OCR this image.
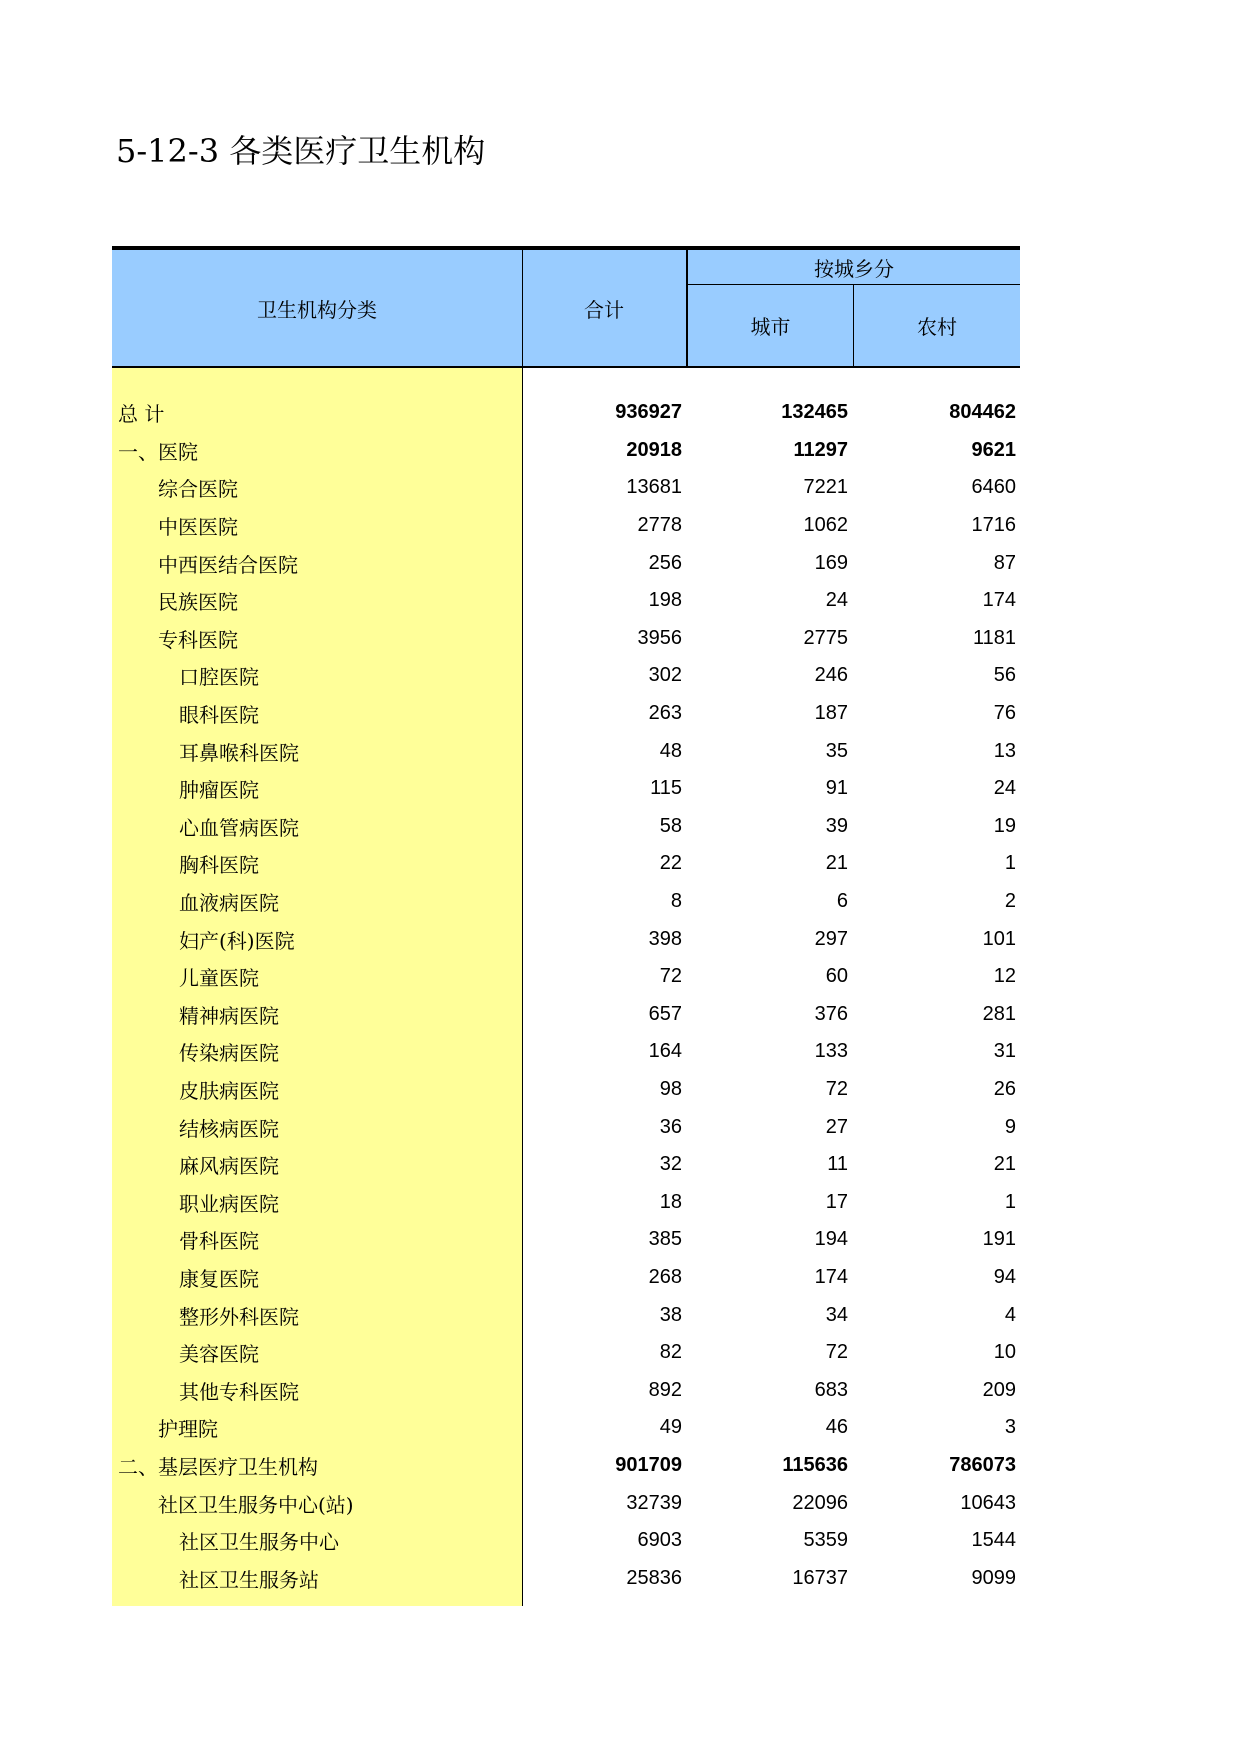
5-12-3 各类医疗卫生机构
卫生机构分类	合计
按城乡分
城市	农村
总 计	936927	132465	804462
一、医院	20918	11297	9621
综合医院	13681	7221	6460
中医医院	2778	1062	1716
中西医结合医院	256	169	87
民族医院	198	24	174
专科医院	3956	2775	1181
口腔医院	302	246	56
眼科医院	263	187	76
耳鼻喉科医院	48	35	13
肿瘤医院	115	91	24
心血管病医院	58	39	19
胸科医院	22	21	1
血液病医院	8	6	2
妇产(科)医院	398	297	101
儿童医院	72	60	12
精神病医院	657	376	281
传染病医院	164	133	31
皮肤病医院	98	72	26
结核病医院	36	27	9
麻风病医院	32	11	21
职业病医院	18	17	1
骨科医院	385	194	191
康复医院	268	174	94
整形外科医院	38	34	4
美容医院	82	72	10
其他专科医院	892	683	209
护理院	49	46	3
二、基层医疗卫生机构	901709	115636	786073
社区卫生服务中心(站)	32739	22096	10643
社区卫生服务中心	6903	5359	1544
社区卫生服务站	25836	16737	9099
